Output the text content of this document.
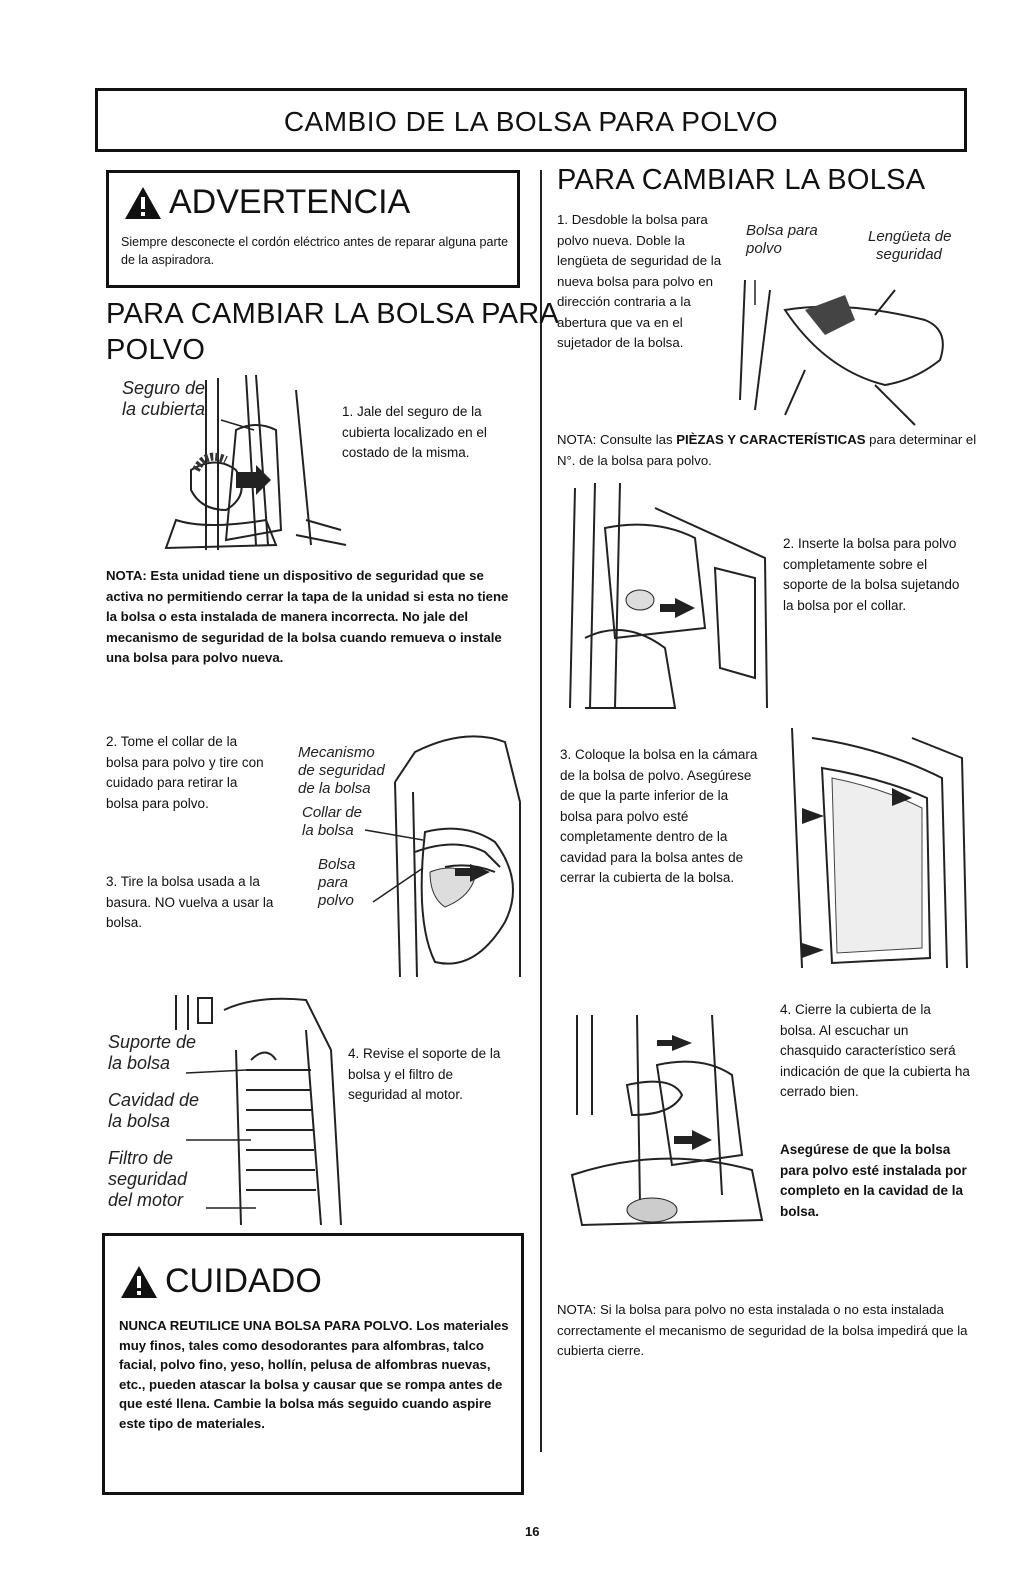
CAMBIO DE LA BOLSA PARA POLVO
ADVERTENCIA
Siempre desconecte el cordón eléctrico antes de reparar alguna parte de la aspiradora.
PARA CAMBIAR LA BOLSA PARA
POLVO
Seguro de
la cubierta	1. Jale del seguro de la cubierta localizado en el costado de la misma.
NOTA: Esta unidad tiene un dispositivo de seguridad que se activa no permitiendo cerrar la tapa de la unidad si esta no tiene la bolsa o esta instalada de manera incorrecta. No jale del mecanismo de seguridad de la bolsa cuando remueva o instale una bolsa para polvo nueva.
2. Tome el collar de la bolsa para polvo y tire con cuidado para retirar la bolsa para polvo.
3. Tire la bolsa usada a la basura. NO vuelva a usar la bolsa.
Mecanismo
de seguridad
de la bolsa
Collar de
la bolsa
Bolsa
para
polvo
Suporte de
la bolsa
Cavidad de
la bolsa
Filtro de
seguridad
del motor
4. Revise el soporte de la bolsa y el filtro de seguridad al motor.
CUIDADO
NUNCA REUTILICE UNA BOLSA PARA POLVO. Los materiales muy finos, tales como desodorantes para alfombras, talco facial, polvo fino, yeso, hollín, pelusa de alfombras nuevas, etc., pueden atascar la bolsa y causar que se rompa antes de que esté llena. Cambie la bolsa más seguido cuando aspire este tipo de materiales.
PARA CAMBIAR LA BOLSA
1. Desdoble la bolsa para polvo nueva. Doble la lengüeta de seguridad de la nueva bolsa para polvo en dirección contraria a la abertura que va en el sujetador de la bolsa.
Bolsa para
polvo
Lengüeta de
seguridad
NOTA: Consulte las PIÈZAS Y CARACTERÍSTICAS para determinar el N°. de la bolsa para polvo.
2. Inserte la bolsa para polvo completamente sobre el soporte de la bolsa sujetando la bolsa por el collar.
3. Coloque la bolsa en la cámara de la bolsa de polvo. Asegúrese de que la parte inferior de la bolsa para polvo esté completamente dentro de la cavidad para la bolsa antes de cerrar la cubierta de la bolsa.
4. Cierre la cubierta de la bolsa. Al escuchar un chasquido característico será indicación de que la cubierta ha cerrado bien.
Asegúrese de que la bolsa para polvo esté instalada por completo en la cavidad de la bolsa.
NOTA: Si la bolsa para polvo no esta instalada o no esta instalada correctamente el mecanismo de seguridad de la bolsa impedirá que la cubierta cierre.
16
